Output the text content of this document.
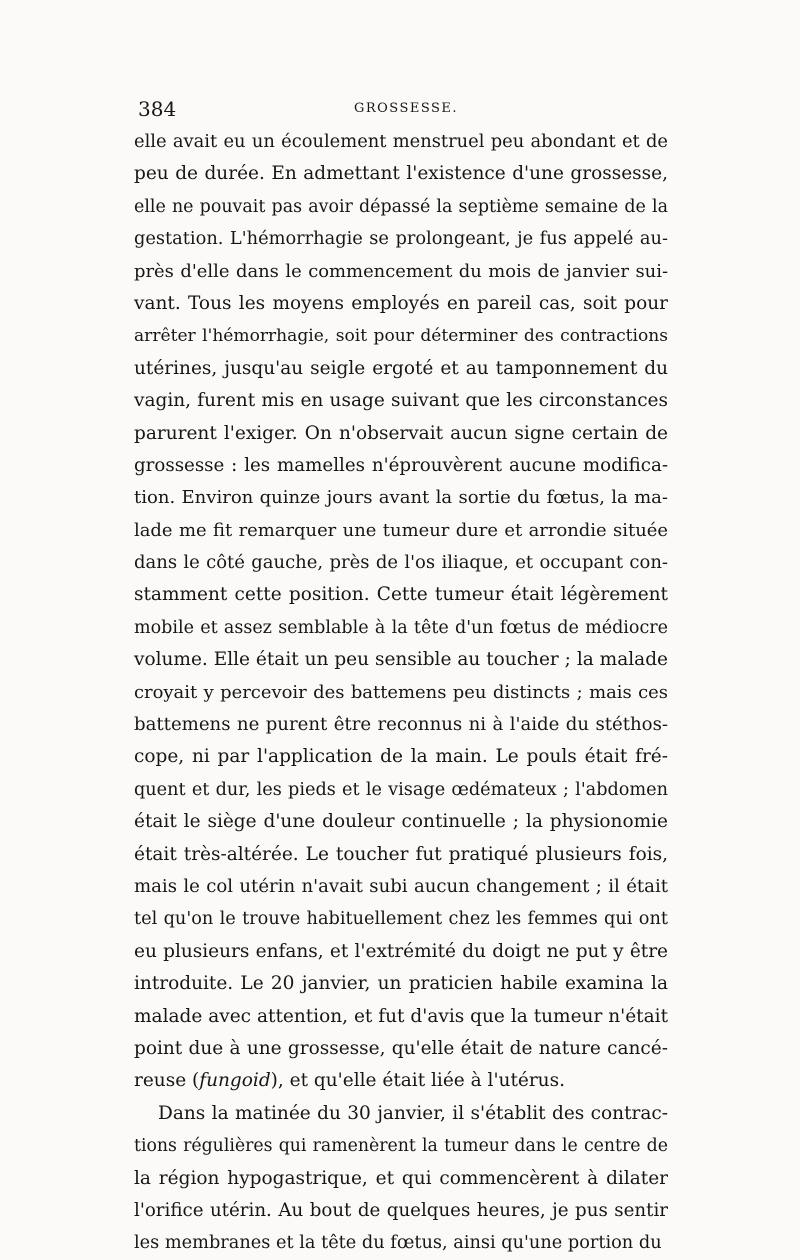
384	GROSSESSE.
elle avait eu un écoulement menstruel peu abondant et de
peu de durée. En admettant l'existence d'une grossesse,
elle ne pouvait pas avoir dépassé la septième semaine de la
gestation. L'hémorrhagie se prolongeant, je fus appelé au-
près d'elle dans le commencement du mois de janvier sui-
vant. Tous les moyens employés en pareil cas, soit pour
arrêter l'hémorrhagie, soit pour déterminer des contractions
utérines, jusqu'au seigle ergoté et au tamponnement du
vagin, furent mis en usage suivant que les circonstances
parurent l'exiger. On n'observait aucun signe certain de
grossesse : les mamelles n'éprouvèrent aucune modifica-
tion. Environ quinze jours avant la sortie du fœtus, la ma-
lade me fit remarquer une tumeur dure et arrondie située
dans le côté gauche, près de l'os iliaque, et occupant con-
stamment cette position. Cette tumeur était légèrement
mobile et assez semblable à la tête d'un fœtus de médiocre
volume. Elle était un peu sensible au toucher ; la malade
croyait y percevoir des battemens peu distincts ; mais ces
battemens ne purent être reconnus ni à l'aide du stéthos-
cope, ni par l'application de la main. Le pouls était fré-
quent et dur, les pieds et le visage œdémateux ; l'abdomen
était le siège d'une douleur continuelle ; la physionomie
était très-altérée. Le toucher fut pratiqué plusieurs fois,
mais le col utérin n'avait subi aucun changement ; il était
tel qu'on le trouve habituellement chez les femmes qui ont
eu plusieurs enfans, et l'extrémité du doigt ne put y être
introduite. Le 20 janvier, un praticien habile examina la
malade avec attention, et fut d'avis que la tumeur n'était
point due à une grossesse, qu'elle était de nature cancé-
reuse (fungoid), et qu'elle était liée à l'utérus.
Dans la matinée du 30 janvier, il s'établit des contrac-
tions régulières qui ramenèrent la tumeur dans le centre de
la région hypogastrique, et qui commencèrent à dilater
l'orifice utérin. Au bout de quelques heures, je pus sentir
les membranes et la tête du fœtus, ainsi qu'une portion du
